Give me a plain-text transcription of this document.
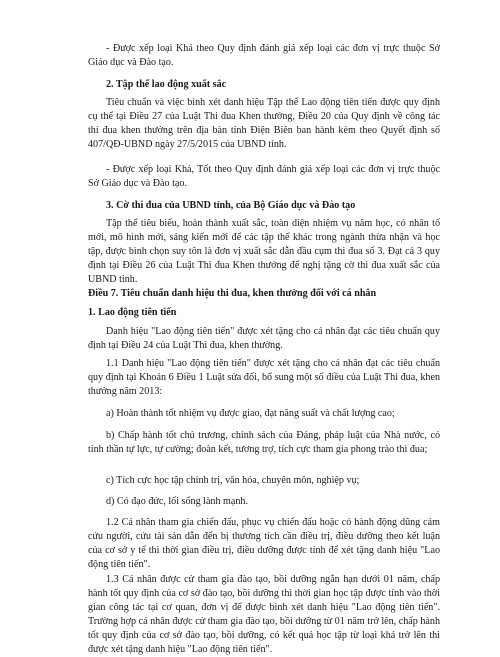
- Được xếp loại Khá theo Quy định đánh giá xếp loại các đơn vị trực thuộc Sở Giáo dục và Đào tạo.

2. Tập thể lao động xuất sắc

Tiêu chuẩn và việc bình xét danh hiệu Tập thể Lao động tiên tiến được quy định cụ thể tại Điều 27 của Luật Thi đua Khen thưởng, Điều 20 của Quy định về công tác thi đua khen thưởng trên địa bàn tỉnh Điện Biên ban hành kèm theo Quyết định số 407/QĐ-UBND ngày 27/5/2015 của UBND tỉnh.

- Được xếp loại Khá, Tốt theo Quy định đánh giá xếp loại các đơn vị trực thuộc Sở Giáo dục và Đào tạo.

3. Cờ thi đua của UBND tỉnh, của Bộ Giáo dục và Đào tạo

Tập thể tiêu biểu, hoàn thành xuất sắc, toàn diện nhiệm vụ năm học, có nhân tố mới, mô hình mới, sáng kiến mới để các tập thể khác trong ngành thừa nhận và học tập, được bình chọn suy tôn là đơn vị xuất sắc dẫn đầu cụm thi đua số 3. Đạt cả 3 quy định tại Điều 26 của Luật Thi đua Khen thưởng để nghị tặng cờ thi đua xuất sắc của UBND tỉnh.

Điều 7. Tiêu chuẩn danh hiệu thi đua, khen thưởng đối với cá nhân

1. Lao động tiên tiến

Danh hiệu "Lao động tiên tiến" được xét tặng cho cá nhân đạt các tiêu chuẩn quy định tại Điều 24 của Luật Thi đua, khen thưởng.

1.1 Danh hiệu "Lao động tiên tiến" được xét tặng cho cá nhân đạt các tiêu chuẩn quy định tại Khoản 6 Điều 1 Luật sửa đổi, bổ sung một số điều của Luật Thi đua, khen thưởng năm 2013:

a) Hoàn thành tốt nhiệm vụ được giao, đạt năng suất và chất lượng cao;

b) Chấp hành tốt chủ trương, chính sách của Đảng, pháp luật của Nhà nước, có tinh thần tự lực, tự cường; đoàn kết, tương trợ, tích cực tham gia phong trào thi đua;

c) Tích cực học tập chính trị, văn hóa, chuyên môn, nghiệp vụ;

d) Có đạo đức, lối sống lành mạnh.

1.2 Cá nhân tham gia chiến đấu, phục vụ chiến đấu hoặc có hành động dũng cảm cứu người, cứu tài sản dẫn đến bị thương tích cần điều trị, điều dưỡng theo kết luận của cơ sở y tế thì thời gian điều trị, điều dưỡng được tính để xét tặng danh hiệu "Lao động tiên tiến".

1.3 Cá nhân được cử tham gia đào tạo, bồi dưỡng ngắn hạn dưới 01 năm, chấp hành tốt quy định của cơ sở đào tạo, bồi dưỡng thì thời gian học tập được tính vào thời gian công tác tại cơ quan, đơn vị để được bình xét danh hiệu "Lao động tiên tiến". Trường hợp cá nhân được cử tham gia đào tạo, bồi dưỡng từ 01 năm trở lên, chấp hành tốt quy định của cơ sở đào tạo, bồi dưỡng, có kết quả học tập từ loại khá trở lên thì được xét tặng danh hiệu "Lao động tiên tiến".
